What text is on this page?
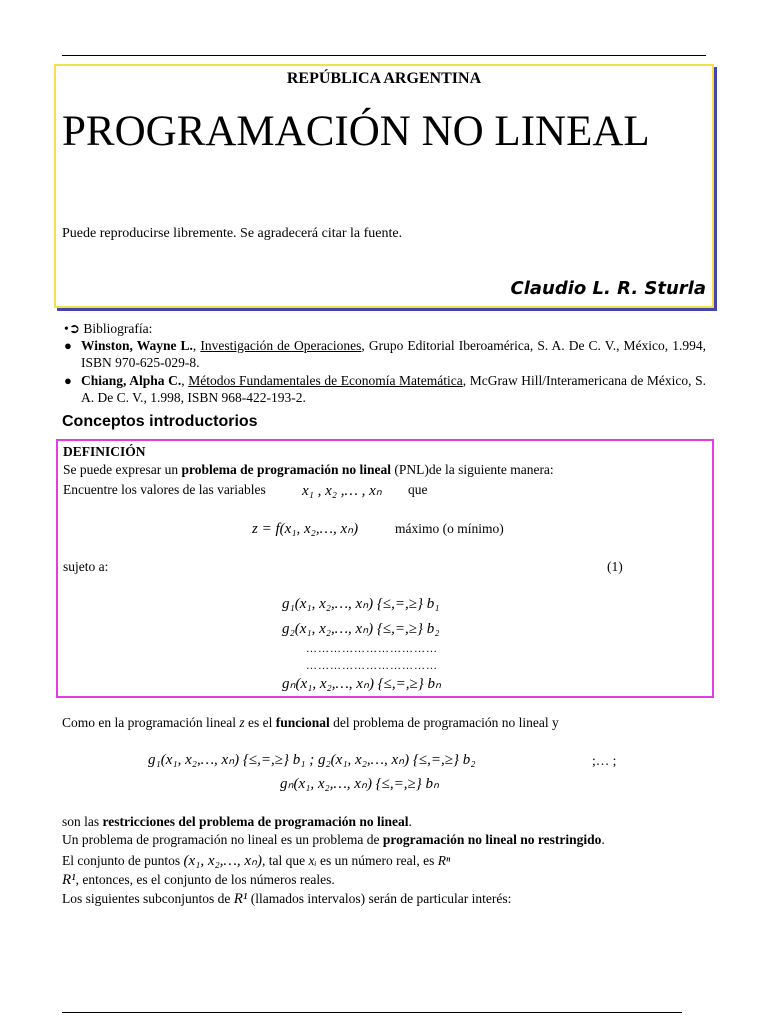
REPÚBLICA ARGENTINA
PROGRAMACIÓN NO LINEAL
Puede reproducirse libremente. Se agradecerá citar la fuente.
Claudio L. R. Sturla
•➲ Bibliografía:
● Winston, Wayne L., Investigación de Operaciones, Grupo Editorial Iberoamérica, S. A. De C. V., México, 1.994, ISBN 970-625-029-8.
● Chiang, Alpha C., Métodos Fundamentales de Economía Matemática, McGraw Hill/Interamericana de México, S. A. De C. V., 1.998, ISBN 968-422-193-2.
Conceptos introductorios
DEFINICIÓN
Se puede expresar un problema de programación no lineal (PNL)de la siguiente manera:
Encuentre los valores de las variables x₁ , x₂ ,… , xₙ que
z = f(x₁, x₂,…, xₙ)	máximo (o mínimo)
sujeto a:	(1)
g₁(x₁, x₂,…, xₙ) {≤,=,≥} b₁
g₂(x₁, x₂,…, xₙ) {≤,=,≥} b₂
……………………………
……………………………
gₙ(x₁, x₂,…, xₙ) {≤,=,≥} bₙ
Como en la programación lineal z es el funcional del problema de programación no lineal y
g₁(x₁, x₂,…, xₙ) {≤,=,≥} b₁ ; g₂(x₁, x₂,…, xₙ) {≤,=,≥} b₂	;… ;
gₙ(x₁, x₂,…, xₙ) {≤,=,≥} bₙ
son las restricciones del problema de programación no lineal.
Un problema de programación no lineal es un problema de programación no lineal no restringido.
El conjunto de puntos (x₁, x₂,…, xₙ), tal que xᵢ es un número real, es Rⁿ
R¹, entonces, es el conjunto de los números reales.
Los siguientes subconjuntos de R¹ (llamados intervalos) serán de particular interés:
